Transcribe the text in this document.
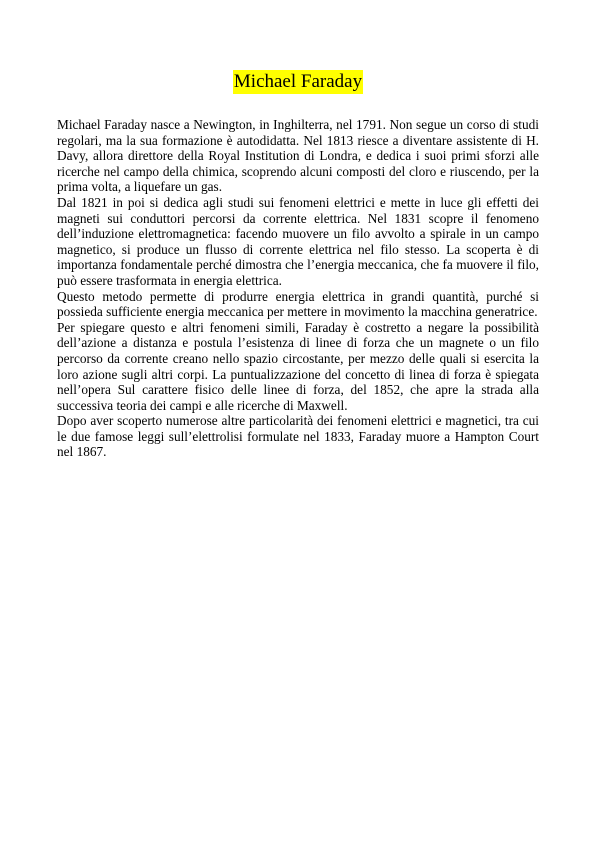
Michael Faraday

Michael Faraday nasce a Newington, in Inghilterra, nel 1791. Non segue un corso di studi regolari, ma la sua formazione è autodidatta. Nel 1813 riesce a diventare assistente di H. Davy, allora direttore della Royal Institution di Londra, e dedica i suoi primi sforzi alle ricerche nel campo della chimica, scoprendo alcuni composti del cloro e riuscendo, per la prima volta, a liquefare un gas.

Dal 1821 in poi si dedica agli studi sui fenomeni elettrici e mette in luce gli effetti dei magneti sui conduttori percorsi da corrente elettrica. Nel 1831 scopre il fenomeno dell’induzione elettromagnetica: facendo muovere un filo avvolto a spirale in un campo magnetico, si produce un flusso di corrente elettrica nel filo stesso. La scoperta è di importanza fondamentale perché dimostra che l’energia meccanica, che fa muovere il filo, può essere trasformata in energia elettrica.

Questo metodo permette di produrre energia elettrica in grandi quantità, purché si possieda sufficiente energia meccanica per mettere in movimento la macchina generatrice.

Per spiegare questo e altri fenomeni simili, Faraday è costretto a negare la possibilità dell’azione a distanza e postula l’esistenza di linee di forza che un magnete o un filo percorso da corrente creano nello spazio circostante, per mezzo delle quali si esercita la loro azione sugli altri corpi. La puntualizzazione del concetto di linea di forza è spiegata nell’opera Sul carattere fisico delle linee di forza, del 1852, che apre la strada alla successiva teoria dei campi e alle ricerche di Maxwell.

Dopo aver scoperto numerose altre particolarità dei fenomeni elettrici e magnetici, tra cui le due famose leggi sull’elettrolisi formulate nel 1833, Faraday muore a Hampton Court nel 1867.
